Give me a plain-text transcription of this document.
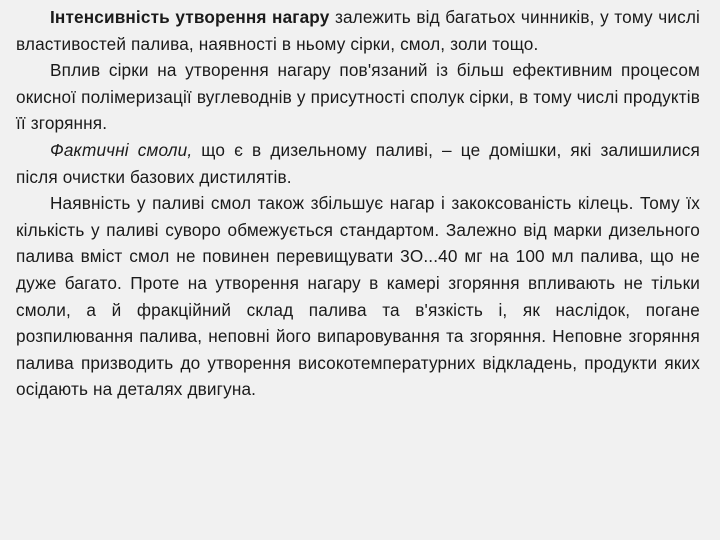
Інтенсивність утворення нагару залежить від багатьох чинників, у тому числі властивостей палива, наявності в ньому сірки, смол, золи тощо.

Вплив сірки на утворення нагару пов'язаний із більш ефективним процесом окисної полімеризації вуглеводнів у присутності сполук сірки, в тому числі продуктів її згоряння.

Фактичні смоли, що є в дизельному паливі, – це домішки, які залишилися після очистки базових дистилятів.

Наявність у паливі смол також збільшує нагар і закоксованість кілець. Тому їх кількість у паливі суворо обмежується стандартом. Залежно від марки дизельного палива вміст смол не повинен перевищувати 3О...40 мг на 100 мл палива, що не дуже багато. Проте на утворення нагару в камері згоряння впливають не тільки смоли, а й фракційний склад палива та в'язкість і, як наслідок, погане розпилювання палива, неповні його випаровування та згоряння. Неповне згоряння палива призводить до утворення високотемпературних відкладень, продукти яких осідають на деталях двигуна.
